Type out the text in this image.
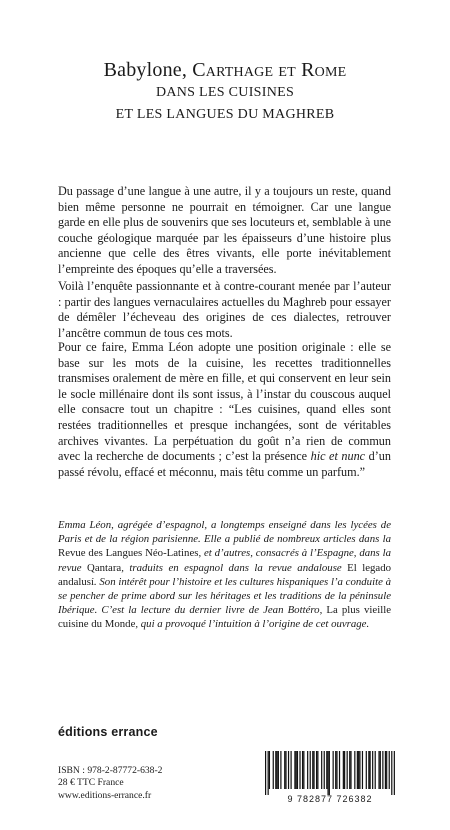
Babylone, Carthage et Rome
DANS LES CUISINES
ET LES LANGUES DU MAGHREB

Du passage d’une langue à une autre, il y a toujours un reste, quand bien même personne ne pourrait en témoigner. Car une langue garde en elle plus de souvenirs que ses locuteurs et, semblable à une couche géologique marquée par les épaisseurs d’une histoire plus ancienne que celle des êtres vivants, elle porte inévitablement l’empreinte des époques qu’elle a traversées.

Voilà l’enquête passionnante et à contre-courant menée par l’auteur : partir des langues vernaculaires actuelles du Maghreb pour essayer de démêler l’écheveau des origines de ces dialectes, retrouver l’ancêtre commun de tous ces mots.

Pour ce faire, Emma Léon adopte une position originale : elle se base sur les mots de la cuisine, les recettes traditionnelles transmises oralement de mère en fille, et qui conservent en leur sein le socle millénaire dont ils sont issus, à l’instar du couscous auquel elle consacre tout un chapitre : “Les cuisines, quand elles sont restées traditionnelles et presque inchangées, sont de véritables archives vivantes. La perpétuation du goût n’a rien de commun avec la recherche de documents ; c’est la présence hic et nunc d’un passé révolu, effacé et méconnu, mais têtu comme un parfum.”

Emma Léon, agrégée d’espagnol, a longtemps enseigné dans les lycées de Paris et de la région parisienne. Elle a publié de nombreux articles dans la Revue des Langues Néo-Latines, et d’autres, consacrés à l’Espagne, dans la revue Qantara, traduits en espagnol dans la revue andalouse El legado andalusí. Son intérêt pour l’histoire et les cultures hispaniques l’a conduite à se pencher de prime abord sur les héritages et les traditions de la péninsule Ibérique. C’est la lecture du dernier livre de Jean Bottéro, La plus vieille cuisine du Monde, qui a provoqué l’intuition à l’origine de cet ouvrage.

éditions errance
ISBN : 978-2-87772-638-2
28 € TTC France
www.editions-errance.fr	9 782877 726382
